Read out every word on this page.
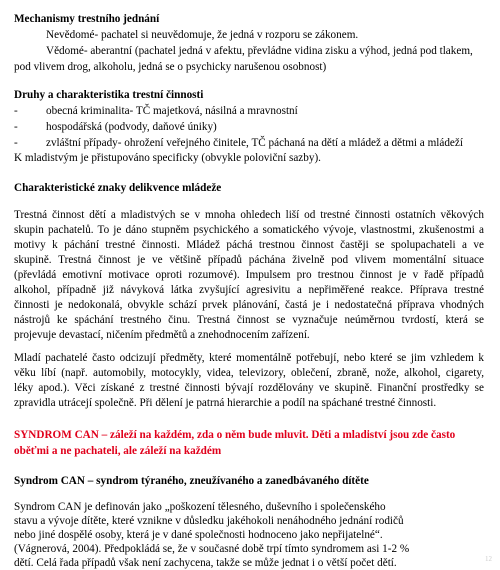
Mechanismy trestního jednání
Nevědomé- pachatel si neuvědomuje, že jedná v rozporu se zákonem.
Vědomé- aberantní (pachatel jedná v afektu, převládne vidina zisku a výhod, jedná pod tlakem,
pod vlivem drog, alkoholu, jedná se o psychicky narušenou osobnost)
Druhy a charakteristika trestní činnosti
-	obecná kriminalita- TČ majetková, násilná a mravnostní
-	hospodářská (podvody, daňové úniky)
-	zvláštní případy- ohrožení veřejného činitele, TČ páchaná na dětí a mládež a dětmi a mládeží
K mladistvým je přistupováno specificky (obvykle poloviční sazby).
Charakteristické znaky delikvence mládeže
Trestná činnost dětí a mladistvých se v mnoha ohledech liší od trestné činnosti ostatních věkových
skupin pachatelů. To je dáno stupněm psychického a somatického vývoje, vlastnostmi, zkušenostmi a
motivy k páchání trestné činnosti. Mládež páchá trestnou činnost častěji se spolupachateli a ve
skupině. Trestná činnost je ve většině případů páchána živelně pod vlivem momentální situace
(převládá emotivní motivace oproti rozumové). Impulsem pro trestnou činnost je v řadě případů
alkohol, případně již návyková látka zvyšující agresivitu a nepřiměřené reakce. Příprava trestné
činnosti je nedokonalá, obvykle schází prvek plánování, častá je i nedostatečná příprava vhodných
nástrojů ke spáchání trestného činu. Trestná činnost se vyznačuje neúměrnou tvrdostí, která se
projevuje devastací, ničením předmětů a znehodnocením zařízení.
Mladí pachatelé často odcizují předměty, které momentálně potřebují, nebo které se jim vzhledem k
věku líbí (např. automobily, motocykly, videa, televizory, oblečení, zbraně, nože, alkohol, cigarety,
léky apod.). Věci získané z trestné činnosti bývají rozdělovány ve skupině. Finanční prostředky se
zpravidla utrácejí společně. Při dělení je patrná hierarchie a podíl na spáchané trestné činnosti.
SYNDROM CAN – záleží na každém, zda o něm bude mluvit. Děti a mladiství jsou zde často
oběťmi a ne pachateli, ale záleží na každém
Syndrom CAN – syndrom týraného, zneužívaného a zanedbávaného dítěte
Syndrom CAN je definován jako „poškození tělesného, duševního i společenského
stavu a vývoje dítěte, které vznikne v důsledku jakéhokoli nenáhodného jednání rodičů
nebo jiné dospělé osoby, která je v dané společnosti hodnoceno jako nepřijatelné“.
(Vágnerová, 2004). Předpokládá se, že v současné době trpí tímto syndromem asi 1-2 %
dětí. Celá řada případů však není zachycena, takže se může jednat i o větší počet dětí.	12
